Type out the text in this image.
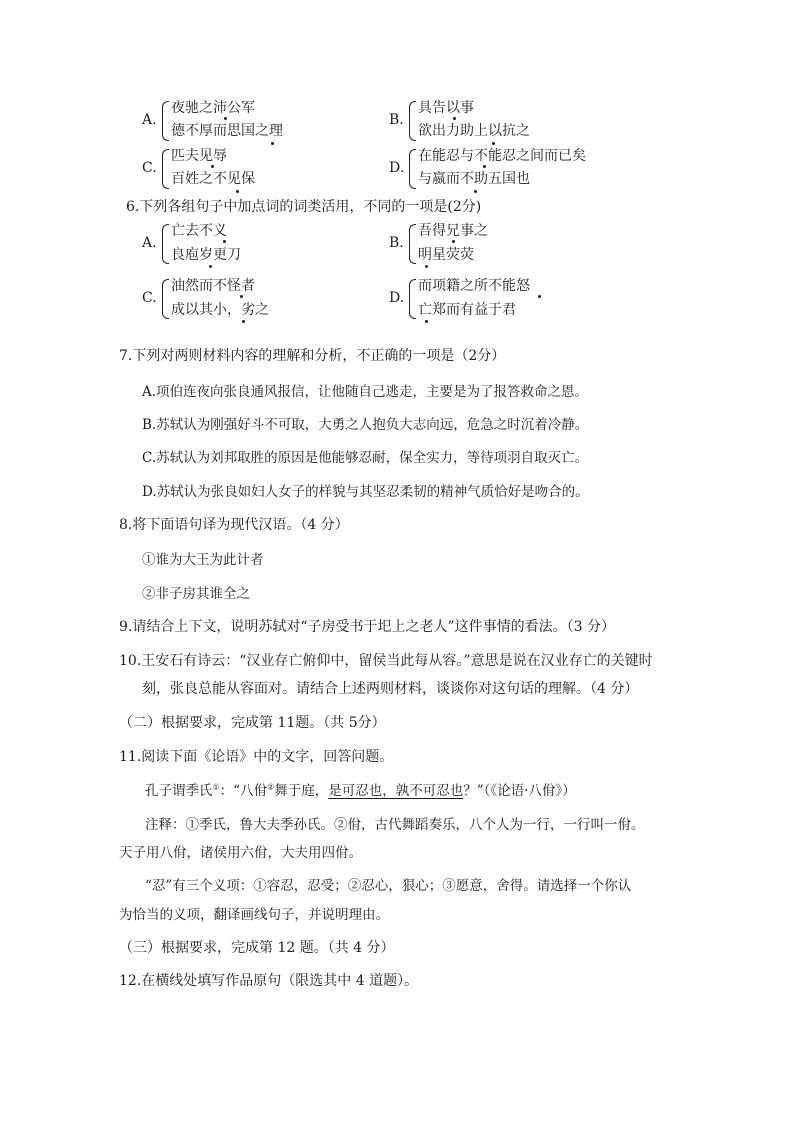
A.
夜驰之沛公军
德不厚而思国之理
B.
具告以事
欲出力助上以抗之
C.
匹夫见辱
百姓之不见保
D.
在能忍与不能忍之间而已矣
与嬴而不助五国也
6.下列各组句子中加点词的词类活用，不同的一项是(2分)
A.
亡去不义
良庖岁更刀
B.
吾得兄事之
明星荧荧
C.
油然而不怪者
成以其小，劣之
D.
而项籍之所不能怒
亡郑而有益于君
7.下列对两则材料内容的理解和分析，不正确的一项是（2分）
A.项伯连夜向张良通风报信，让他随自己逃走，主要是为了报答救命之恩。
B.苏轼认为刚强好斗不可取，大勇之人抱负大志向远，危急之时沉着冷静。
C.苏轼认为刘邦取胜的原因是他能够忍耐，保全实力，等待项羽自取灭亡。
D.苏轼认为张良如妇人女子的样貌与其坚忍柔韧的精神气质恰好是吻合的。
8.将下面语句译为现代汉语。（4 分）
①谁为大王为此计者
②非子房其谁全之
9.请结合上下文，说明苏轼对“子房受书于圯上之老人”这件事情的看法。（3 分）
10.王安石有诗云：“汉业存亡俯仰中，留侯当此每从容。”意思是说在汉业存亡的关键时
刻，张良总能从容面对。请结合上述两则材料，谈谈你对这句话的理解。（4 分）
（二）根据要求，完成第 11题。（共 5分）
11.阅读下面《论语》中的文字，回答问题。
孔子谓季氏①：“八佾②舞于庭，是可忍也，孰不可忍也？”（《论语·八佾》）
注释：①季氏，鲁大夫季孙氏。②佾，古代舞蹈奏乐，八个人为一行，一行叫一佾。
天子用八佾，诸侯用六佾，大夫用四佾。
“忍”有三个义项：①容忍，忍受；②忍心，狠心；③愿意，舍得。请选择一个你认
为恰当的义项，翻译画线句子，并说明理由。
（三）根据要求，完成第 12 题。（共 4 分）
12.在横线处填写作品原句（限选其中 4 道题）。
